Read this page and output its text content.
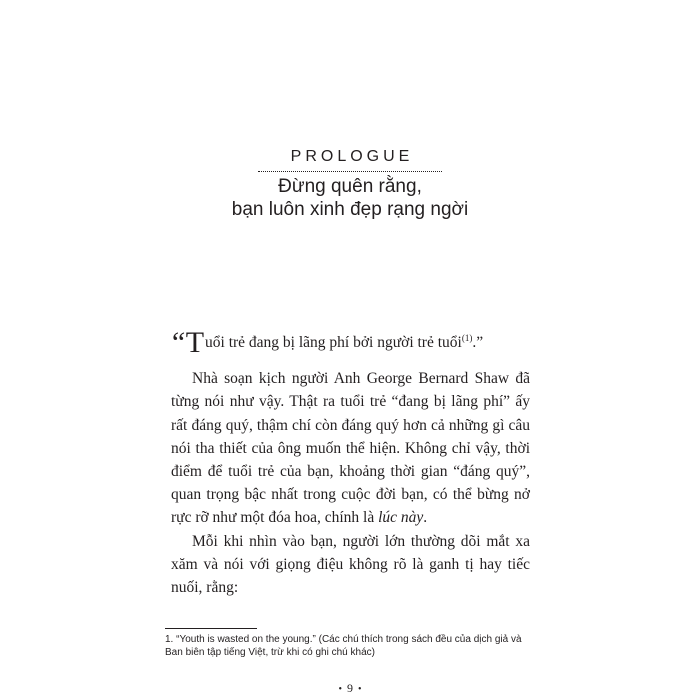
PROLOGUE

Đừng quên rằng,
bạn luôn xinh đẹp rạng ngời

“Tuổi trẻ đang bị lãng phí bởi người trẻ tuổi$^{(1)}$.”

Nhà soạn kịch người Anh George Bernard Shaw đã từng nói như vậy. Thật ra tuổi trẻ “đang bị lãng phí” ấy rất đáng quý, thậm chí còn đáng quý hơn cả những gì câu nói tha thiết của ông muốn thể hiện. Không chỉ vậy, thời điểm để tuổi trẻ của bạn, khoảng thời gian “đáng quý”, quan trọng bậc nhất trong cuộc đời bạn, có thể bừng nở rực rỡ như một đóa hoa, chính là lúc này.

Mỗi khi nhìn vào bạn, người lớn thường dõi mắt xa xăm và nói với giọng điệu không rõ là ganh tị hay tiếc nuối, rằng:

1. “Youth is wasted on the young.” (Các chú thích trong sách đều của dịch giả và Ban biên tập tiếng Việt, trừ khi có ghi chú khác)

• 9 •
